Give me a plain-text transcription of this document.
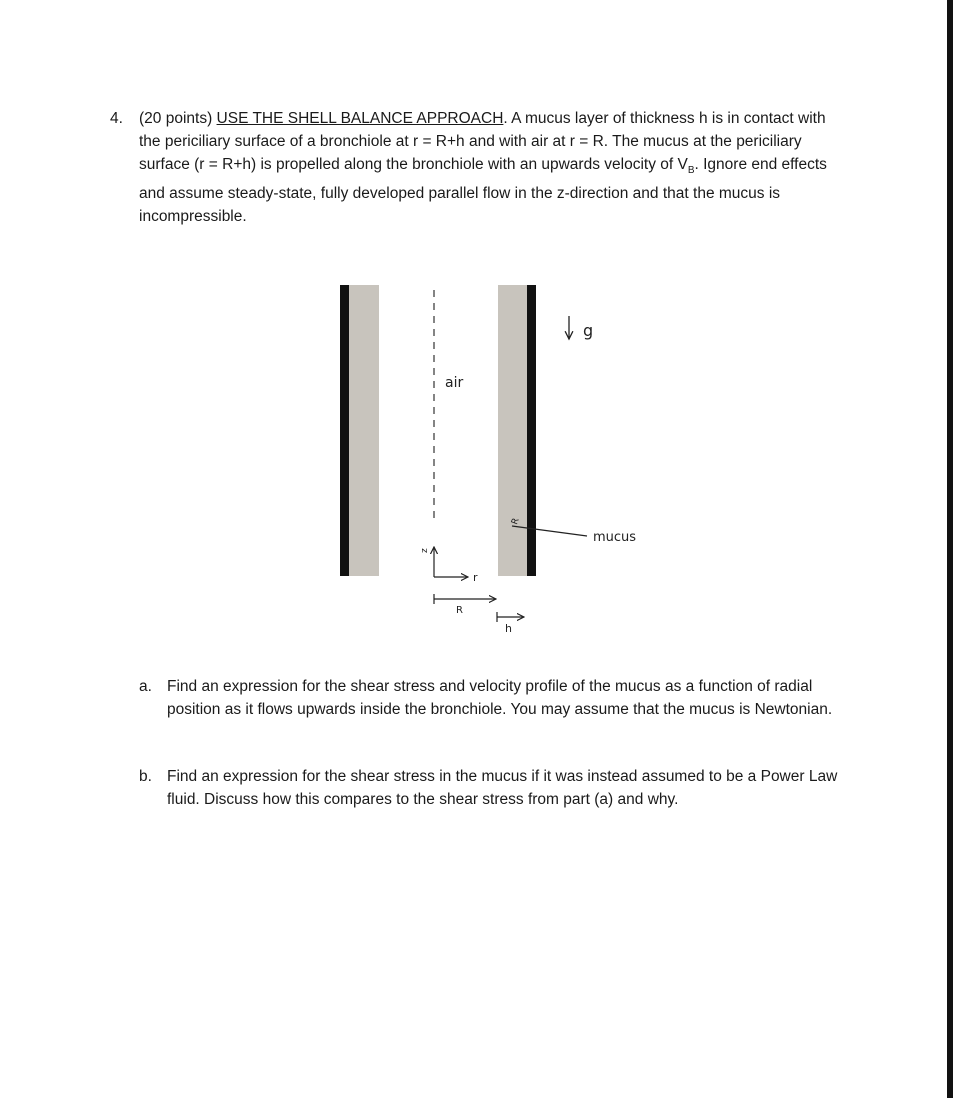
4. (20 points) USE THE SHELL BALANCE APPROACH. A mucus layer of thickness h is in contact with the periciliary surface of a bronchiole at r = R+h and with air at r = R. The mucus at the periciliary surface (r = R+h) is propelled along the bronchiole with an upwards velocity of $V_B$. Ignore end effects and assume steady-state, fully developed parallel flow in the z-direction and that the mucus is incompressible.
g
air
R
mucus
z
r
R
h
a. Find an expression for the shear stress and velocity profile of the mucus as a function of radial position as it flows upwards inside the bronchiole. You may assume that the mucus is Newtonian.
b. Find an expression for the shear stress in the mucus if it was instead assumed to be a Power Law fluid. Discuss how this compares to the shear stress from part (a) and why.
